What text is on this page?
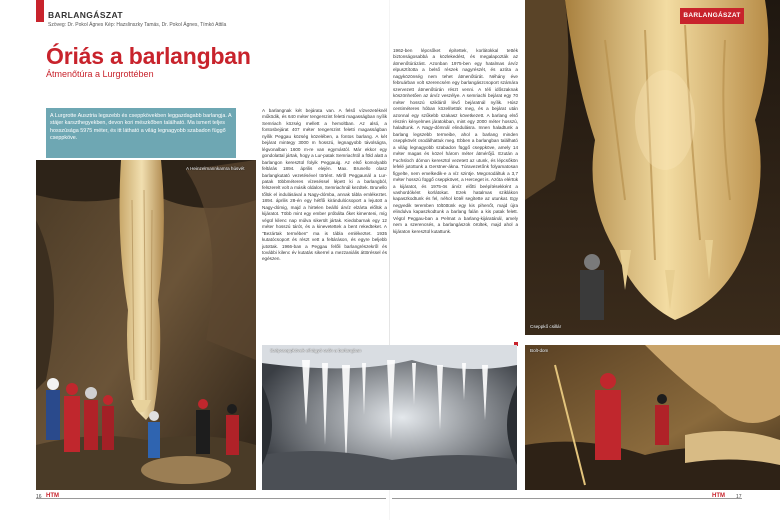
BARLANGÁSZAT
Szöveg: Dr. Pokol Ágnes Kép: Hazslinszky Tamás, Dr. Pokol Ágnes, Tímkó Attila
Óriás a barlangban
Átmenőtúra a Lurgrottében
A Lurgrotte Ausztria legszebb és cseppkövekben leggazdagabb barlangja. A stájer karszthegyekben, devon kori mészkőben található. Ma ismert teljes hosszúsága 5975 méter, és itt látható a világ legnagyobb szabadon függő cseppköve.
A Heinzelmannkamra húsvét
A barlangnak két bejárata van. A felső vízvezetéknél működik, és 640 méter tengerszint feletti magasságban nyílik Semriach község mellett a hemoltban. Az alsó, a fontosbejárat 407 méter tengerszint feletti magasságban nyílik Peggau község közelében, a fontos barlang. A két bejárat mintegy 3000 m hosszú, legnagyobb távolságra, légvonalban 1600 m-re van egymástól. Már ekkor egy gondolattal jártak, hogy a Lur-patak Semriachtól a föld alatt a barlangon keresztül folyik Peggauig. Az első komolyabb feltárás 1894. április elején. Max. Brunello olasz barlangkutató vezetésével történt. Miről Peggaunál a Lur-patak többméteres vízeséssel lépett ki a barlangból, felszerelt volt a másik oldalon, Semriachnál kezdtek. Brunello tőlük el indulásával a Nagy-dómba, annak tábla emlékeztet. 1894. április 28-én egy hétfői kirándulócsoport a lejutott a Nagy-dómig, majd a hirtelen beálló árvíz elzárta előlük a kijáratot. Több mint egy ember próbálta őket kimenteni, míg végül kilenc nap múlva sikerült jártak. Kiedobarnak egy 12 méter hosszú tárót, és a kinevetettek a bent rekedteket. A "Bezártak termében" ma is tábla emlékeztet. 1935 kutatócsoport és részt vett a feltáráson, és egyre beljebb jutottak. 1966-ban a Peggau felőli barlangrészekről és további kilenc év kutatás sikerrel a mezzaniális áttöréssel és egészen.
16 HTM
1962-ben lépcsőket építettek, korlátokkal tették biztonságosabbá a közlekedést, és megalapozták az átmenőtúrázást. Azonban 1975-ben egy hatalmas árvíz elpusztította a belső részek nagyrészét, és azóta a nagyközönség nem tehet átmenőtúrát. Néhány éve februárban volt szerencsém egy barlangászcsoport számára szervezett átmenőtúrán részt venni. A téli időszaknak köszönhetően az árvíz veszélye. A semriachi bejárat egy 70 méter hosszú szikláról lévő bejáratnál nyílik. Húsz centiméteres hóban közelítettük meg, és a bejárat után azonnal egy szűkebb szakasz következett. A barlang első részén kényelmes járatokban, mint egy 2000 méter hosszú, haladtunk. A Nagy-dómnál elindulásra. Innen haladtunk a barlang legszebb termeibe, ahol a barlang minden cseppkövét csodálhattuk meg. Ebben a barlangban található a világ legnagyobb szabadon függő cseppköve, amely 14 méter magas és közel három méter átmérőjű. Ezután a Fuchsloch dómon keresztül vezetett az utunk, és lépcsőkön lefelé jutottunk a Gerstner-ákna. Túravezetőnk folyamatosan figyelte, nem emelkedik-e a víz szintje. Megcsodáltuk a 3,7 méter hosszú függő cseppkövet, a Herceget is. Azóta elértük a kijáratot, és 1975-ös árvíz előtti beépítésekként a vashordóként korlátokat. Ezek hatalmas sziklákon kapaszkodtunk és fel, néhol kötél segítette az utunkat. Egy negyedik teremben töltöttünk egy kis pihenőt, majd újra elindulva kapaszkodtunk a barlang falán a kis patak felett. Végül Peggau-ban a Pelmat a barlang-kijáratánál, amely nem a szerencsés, a barlangászok örültek, majd ahol a kijáraton keresztül kutattunk.
BARLANGÁSZAT
Cseppkő csillár
Szépcseppkövek elhágyó csőn a barlangban	Bolt-dom
HTM 17
